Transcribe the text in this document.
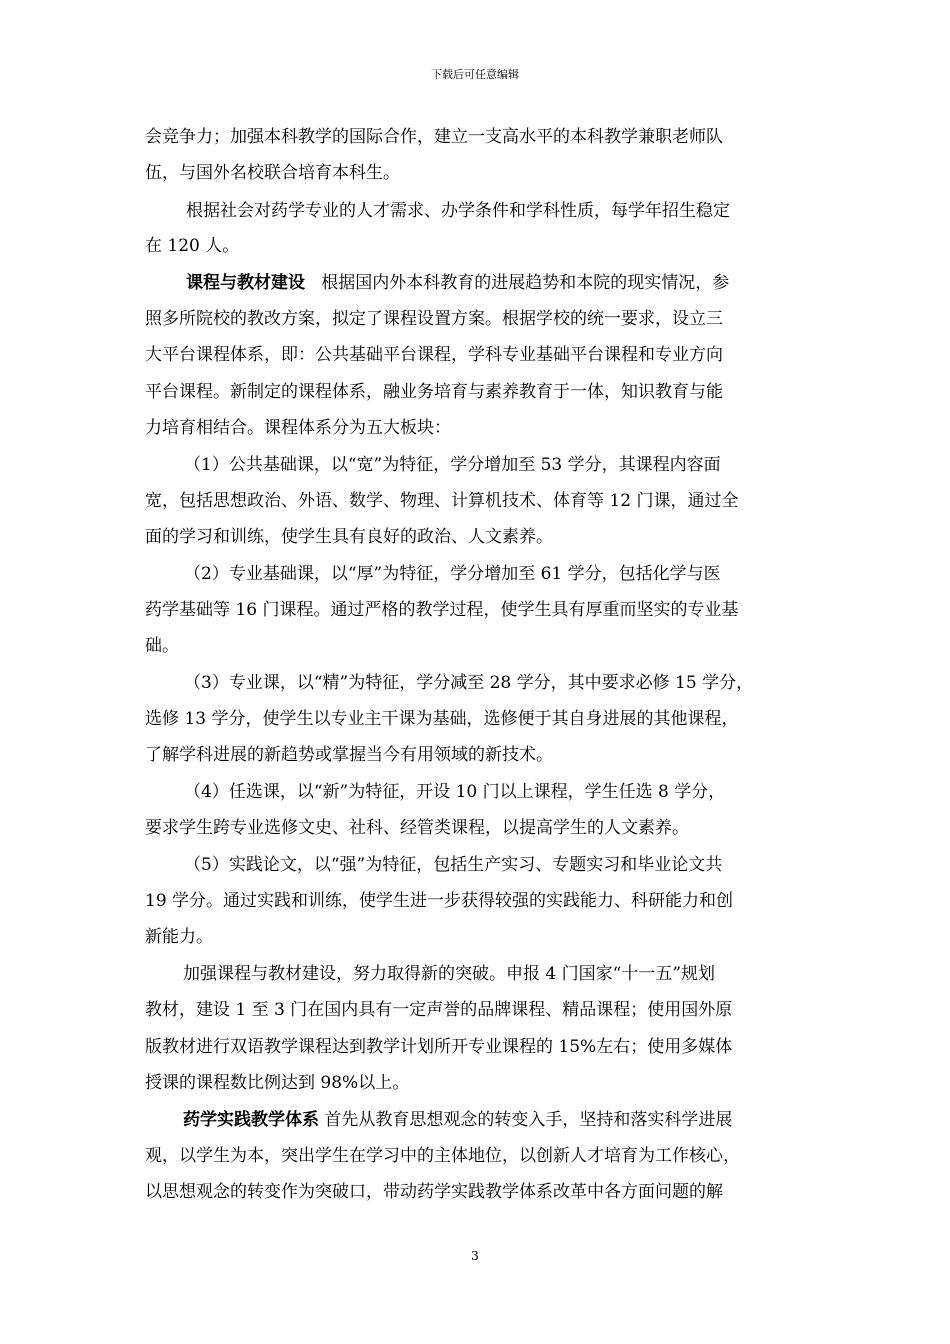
下载后可任意编辑
会竞争力；加强本科教学的国际合作，建立一支高水平的本科教学兼职老师队
伍，与国外名校联合培育本科生。
根据社会对药学专业的人才需求、办学条件和学科性质，每学年招生稳定
在 120 人。
课程与教材建设 根据国内外本科教育的进展趋势和本院的现实情况，参
照多所院校的教改方案，拟定了课程设置方案。根据学校的统一要求，设立三
大平台课程体系，即：公共基础平台课程，学科专业基础平台课程和专业方向
平台课程。新制定的课程体系，融业务培育与素养教育于一体，知识教育与能
力培育相结合。课程体系分为五大板块：
（1）公共基础课，以“宽”为特征，学分增加至 53 学分，其课程内容面
宽，包括思想政治、外语、数学、物理、计算机技术、体育等 12 门课，通过全
面的学习和训练，使学生具有良好的政治、人文素养。
（2）专业基础课，以“厚”为特征，学分增加至 61 学分，包括化学与医
药学基础等 16 门课程。通过严格的教学过程，使学生具有厚重而坚实的专业基
础。
（3）专业课，以“精”为特征，学分减至 28 学分，其中要求必修 15 学分，
选修 13 学分，使学生以专业主干课为基础，选修便于其自身进展的其他课程，
了解学科进展的新趋势或掌握当今有用领域的新技术。
（4）任选课，以“新”为特征，开设 10 门以上课程，学生任选 8 学分，
要求学生跨专业选修文史、社科、经管类课程，以提高学生的人文素养。
（5）实践论文，以“强”为特征，包括生产实习、专题实习和毕业论文共
19 学分。通过实践和训练，使学生进一步获得较强的实践能力、科研能力和创
新能力。
加强课程与教材建设，努力取得新的突破。申报 4 门国家“十一五”规划
教材，建设 1 至 3 门在国内具有一定声誉的品牌课程、精品课程；使用国外原
版教材进行双语教学课程达到教学计划所开专业课程的 15%左右；使用多媒体
授课的课程数比例达到 98%以上。
药学实践教学体系 首先从教育思想观念的转变入手，坚持和落实科学进展
观，以学生为本，突出学生在学习中的主体地位，以创新人才培育为工作核心，
以思想观念的转变作为突破口，带动药学实践教学体系改革中各方面问题的解
3
